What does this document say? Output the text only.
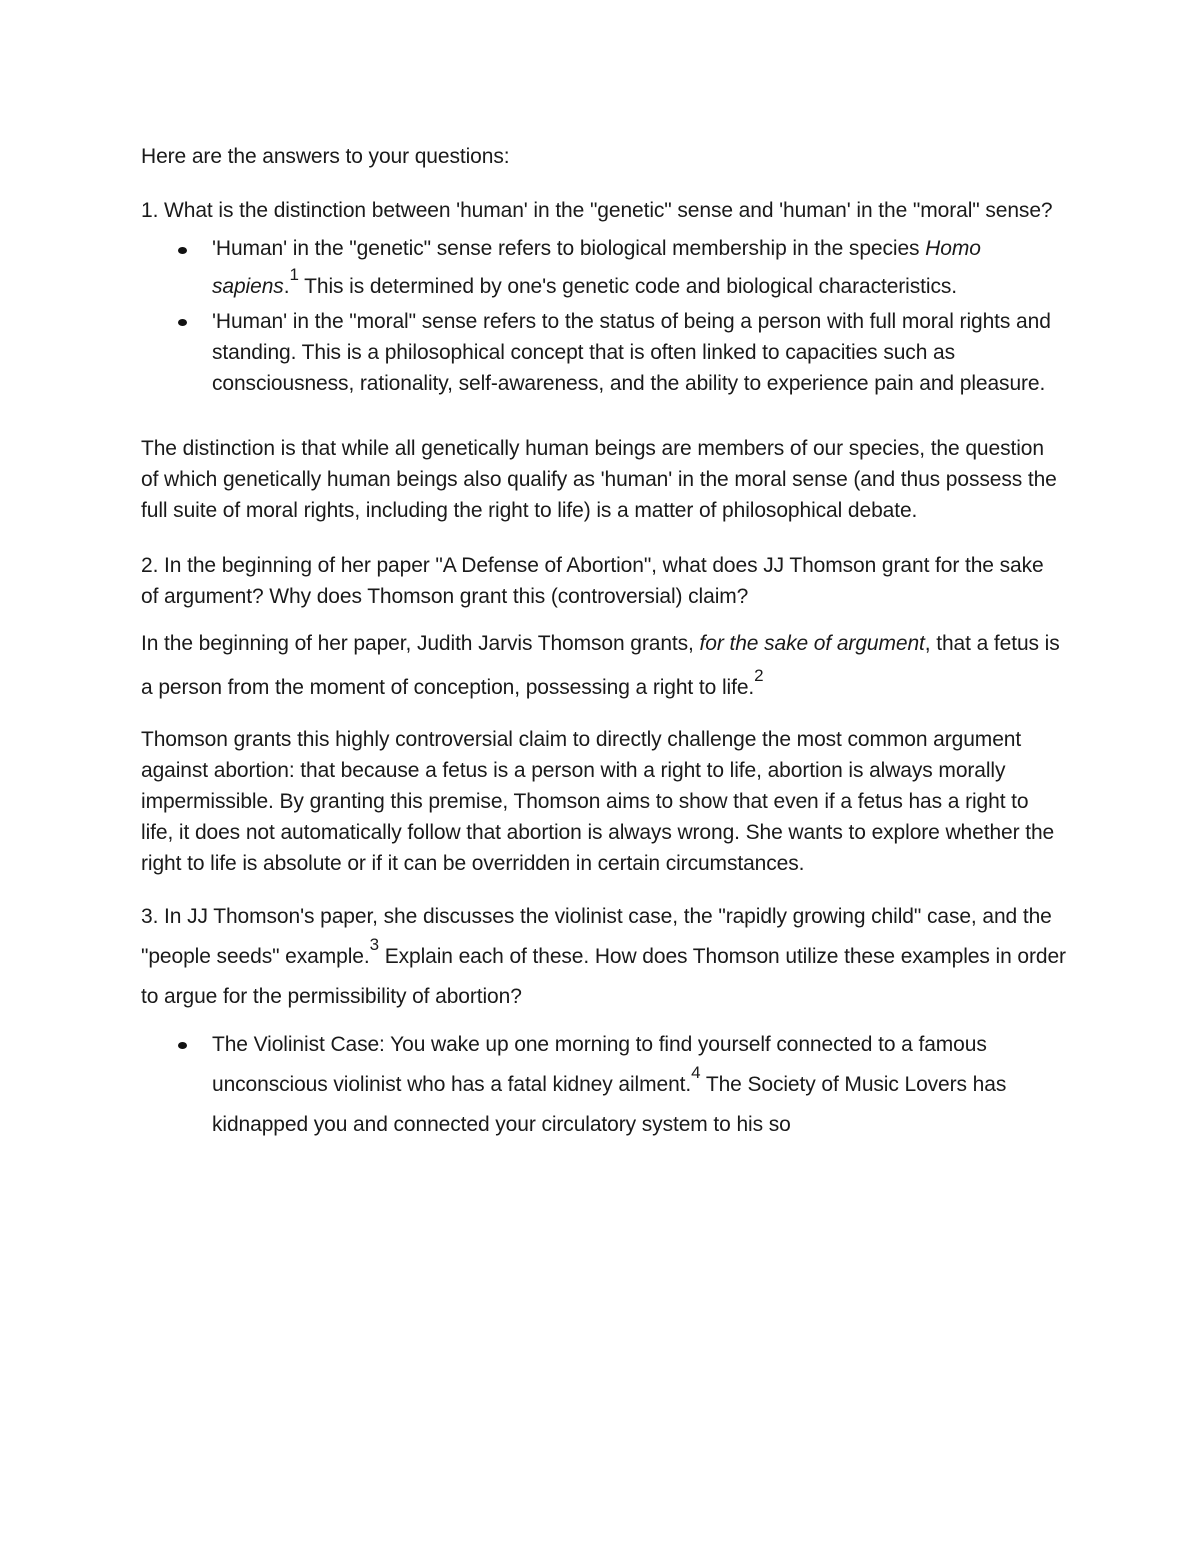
Here are the answers to your questions:

1. What is the distinction between 'human' in the "genetic" sense and 'human' in the "moral" sense?

'Human' in the "genetic" sense refers to biological membership in the species Homo sapiens.$^1$ This is determined by one's genetic code and biological characteristics.
'Human' in the "moral" sense refers to the status of being a person with full moral rights and standing. This is a philosophical concept that is often linked to capacities such as consciousness, rationality, self-awareness, and the ability to experience pain and pleasure.

The distinction is that while all genetically human beings are members of our species, the question of which genetically human beings also qualify as 'human' in the moral sense (and thus possess the full suite of moral rights, including the right to life) is a matter of philosophical debate.

2. In the beginning of her paper "A Defense of Abortion", what does JJ Thomson grant for the sake of argument? Why does Thomson grant this (controversial) claim?

In the beginning of her paper, Judith Jarvis Thomson grants, for the sake of argument, that a fetus is a person from the moment of conception, possessing a right to life.$^2$

Thomson grants this highly controversial claim to directly challenge the most common argument against abortion: that because a fetus is a person with a right to life, abortion is always morally impermissible. By granting this premise, Thomson aims to show that even if a fetus has a right to life, it does not automatically follow that abortion is always wrong. She wants to explore whether the right to life is absolute or if it can be overridden in certain circumstances.

3. In JJ Thomson's paper, she discusses the violinist case, the "rapidly growing child" case, and the "people seeds" example.$^3$ Explain each of these. How does Thomson utilize these examples in order to argue for the permissibility of abortion?

The Violinist Case: You wake up one morning to find yourself connected to a famous unconscious violinist who has a fatal kidney ailment.$^4$ The Society of Music Lovers has kidnapped you and connected your circulatory system to his so
